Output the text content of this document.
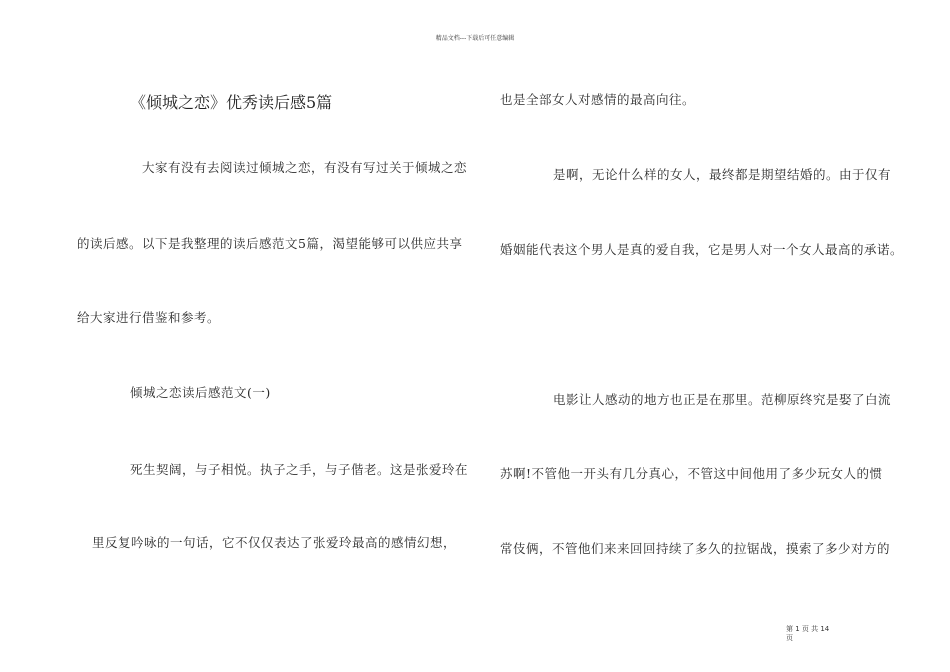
精品文档---下载后可任意编辑
《倾城之恋》优秀读后感5篇
大家有没有去阅读过倾城之恋，有没有写过关于倾城之恋
的读后感。以下是我整理的读后感范文5篇，渴望能够可以供应共享
给大家进行借鉴和参考。
倾城之恋读后感范文(一)
死生契阔，与子相悦。执子之手，与子偕老。这是张爱玲在
里反复吟咏的一句话，它不仅仅表达了张爱玲最高的感情幻想，
也是全部女人对感情的最高向往。
是啊，无论什么样的女人，最终都是期望结婚的。由于仅有
婚姻能代表这个男人是真的爱自我，它是男人对一个女人最高的承诺。
电影让人感动的地方也正是在那里。范柳原终究是娶了白流
苏啊!不管他一开头有几分真心，不管这中间他用了多少玩女人的惯
常伎俩，不管他们来来回回持续了多久的拉锯战，摸索了多少对方的
第 1 页 共 14
页
